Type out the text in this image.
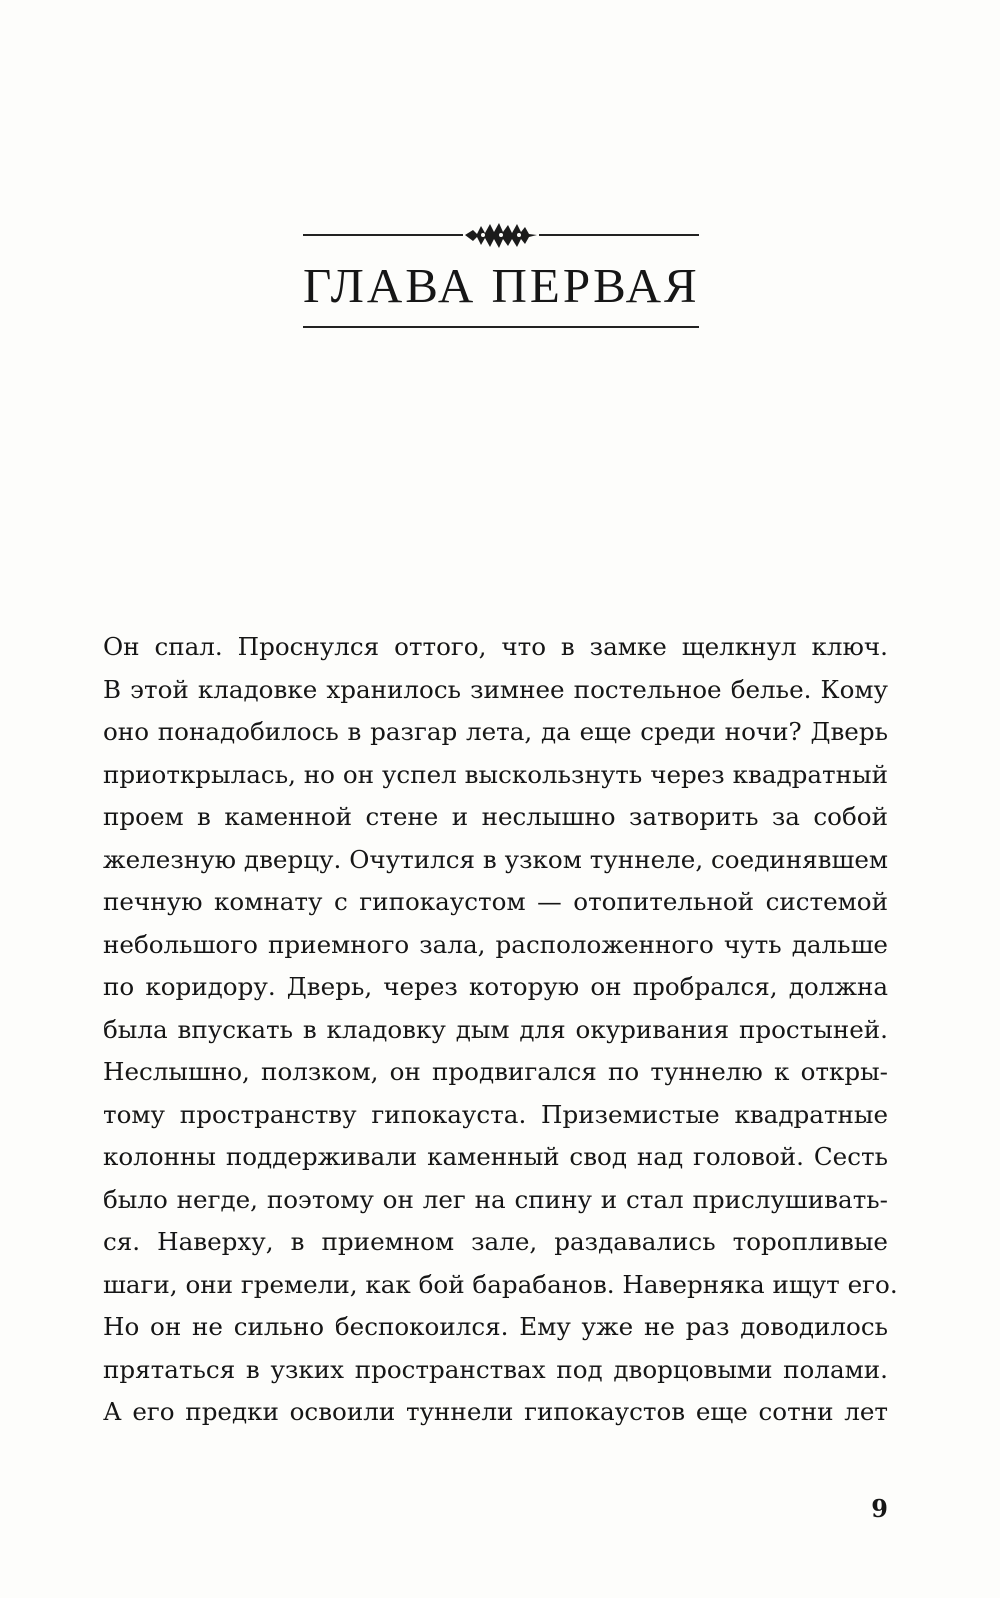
ГЛАВА ПЕРВАЯ
Он спал. Проснулся оттого, что в замке щелкнул ключ.
В этой кладовке хранилось зимнее постельное белье. Кому
оно понадобилось в разгар лета, да еще среди ночи? Дверь
приоткрылась, но он успел выскользнуть через квадратный
проем в каменной стене и неслышно затворить за собой
железную дверцу. Очутился в узком туннеле, соединявшем
печную комнату с гипокаустом — отопительной системой
небольшого приемного зала, расположенного чуть дальше
по коридору. Дверь, через которую он пробрался, должна
была впускать в кладовку дым для окуривания простыней.
Неслышно, ползком, он продвигался по туннелю к откры-
тому пространству гипокауста. Приземистые квадратные
колонны поддерживали каменный свод над головой. Сесть
было негде, поэтому он лег на спину и стал прислушивать-
ся. Наверху, в приемном зале, раздавались торопливые
шаги, они гремели, как бой барабанов. Наверняка ищут его.
Но он не сильно беспокоился. Ему уже не раз доводилось
прятаться в узких пространствах под дворцовыми полами.
А его предки освоили туннели гипокаустов еще сотни лет
9
